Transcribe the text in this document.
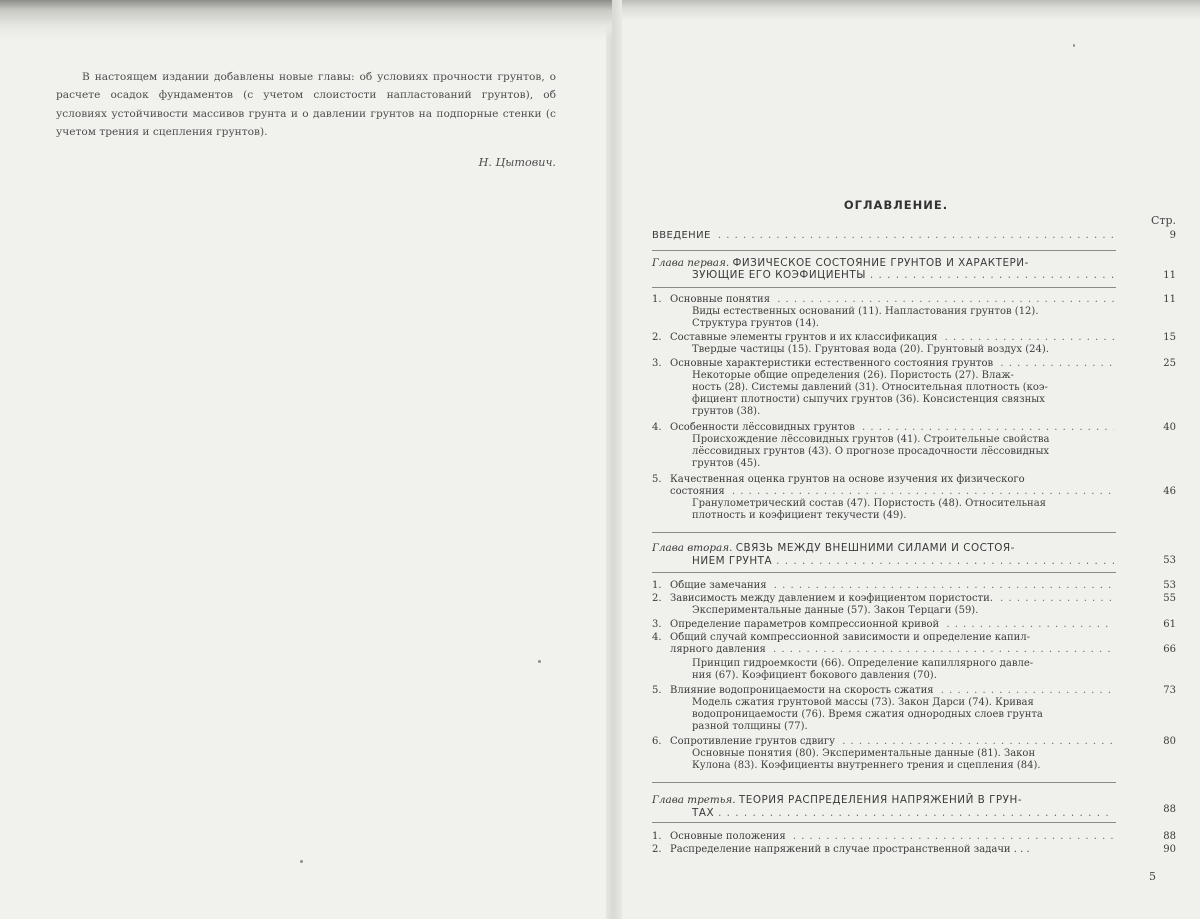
В настоящем издании добавлены новые главы: об условиях прочности грунтов, о расчете осадок фундаментов (с учетом слоистости напластований грунтов), об условиях устойчивости массивов грунта и о давлении грунтов на подпорные стенки (с учетом трения и сцепления грунтов).

Н. Цытович.
ОГЛАВЛЕНИЕ.
Стр.
ВВЕДЕНИЕ . . .	9
Глава первая. ФИЗИЧЕСКОЕ СОСТОЯНИЕ ГРУНТОВ И ХАРАКТЕРИ-
ЗУЮЩИЕ ЕГО КОЭФИЦИЕНТЫ . . .	11
1. Основные понятия . . .	11
Виды естественных оснований (11). Напластования грунтов (12).
Структура грунтов (14).
2. Составные элементы грунтов и их классификация . . .	15
Твердые частицы (15). Грунтовая вода (20). Грунтовый воздух (24).
3. Основные характеристики естественного состояния грунтов . . .	25
Некоторые общие определения (26). Пористость (27). Влаж-
ность (28). Системы давлений (31). Относительная плотность (коэ-
фициент плотности) сыпучих грунтов (36). Консистенция связных
грунтов (38).
4. Особенности лёссовидных грунтов . . .	40
Происхождение лёссовидных грунтов (41). Строительные свойства
лёссовидных грунтов (43). О прогнозе просадочности лёссовидных
грунтов (45).
5. Качественная оценка грунтов на основе изучения их физического
состояния . . .	46
Гранулометрический состав (47). Пористость (48). Относительная
плотность и коэфициент текучести (49).
Глава вторая. СВЯЗЬ МЕЖДУ ВНЕШНИМИ СИЛАМИ И СОСТОЯ-
НИЕМ ГРУНТА . . .	53
1. Общие замечания . . .	53
2. Зависимость между давлением и коэфициентом пористости. . . .	55
Экспериментальные данные (57). Закон Терцаги (59).
3. Определение параметров компрессионной кривой . . .	61
4. Общий случай компрессионной зависимости и определение капил-
лярного давления . . .	66
Принцип гидроемкости (66). Определение капиллярного давле-
ния (67). Коэфициент бокового давления (70).
5. Влияние водопроницаемости на скорость сжатия . . .	73
Модель сжатия грунтовой массы (73). Закон Дарси (74). Кривая
водопроницаемости (76). Время сжатия однородных слоев грунта
разной толщины (77).
6. Сопротивление грунтов сдвигу . . .	80
Основные понятия (80). Экспериментальные данные (81). Закон
Кулона (83). Коэфициенты внутреннего трения и сцепления (84).
Глава третья. ТЕОРИЯ РАСПРЕДЕЛЕНИЯ НАПРЯЖЕНИЙ В ГРУН-
ТАХ . . .	88
1. Основные положения . . .	88
2. Распределение напряжений в случае пространственной задачи . . .	90
5
